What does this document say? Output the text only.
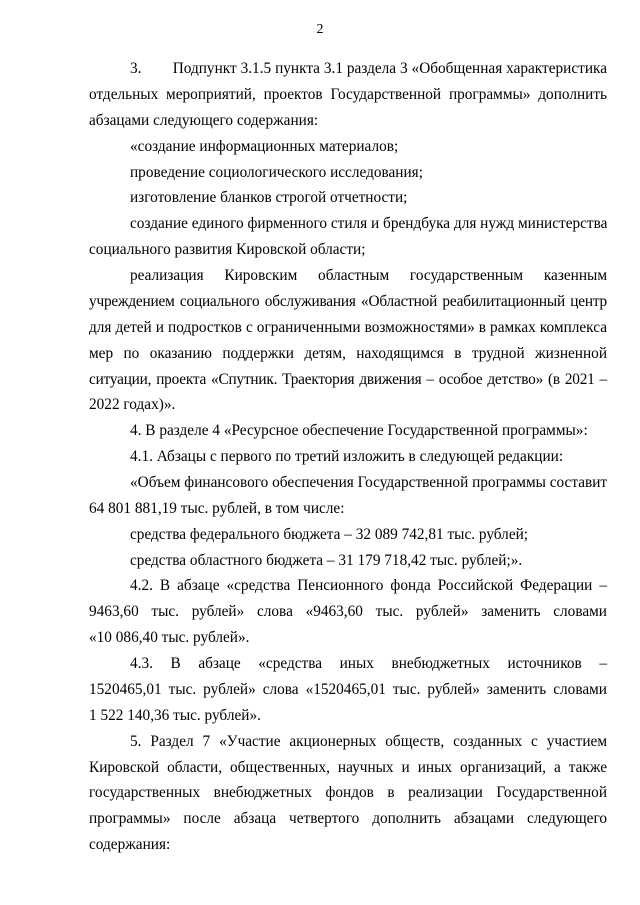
2
3.        Подпункт 3.1.5 пункта 3.1 раздела 3 «Обобщенная характеристика
отдельных мероприятий, проектов Государственной программы» дополнить
абзацами следующего содержания:
«создание информационных материалов;
проведение социологического исследования;
изготовление бланков строгой отчетности;
создание единого фирменного стиля и брендбука для нужд министерства
социального развития Кировской области;
реализация Кировским областным государственным казенным
учреждением социального обслуживания «Областной реабилитационный центр
для детей и подростков с ограниченными возможностями» в рамках комплекса
мер по оказанию поддержки детям, находящимся в трудной жизненной
ситуации, проекта «Спутник. Траектория движения – особое детство» (в 2021 –
2022 годах)».
4. В разделе 4 «Ресурсное обеспечение Государственной программы»:
4.1. Абзацы с первого по третий изложить в следующей редакции:
«Объем финансового обеспечения Государственной программы составит
64 801 881,19 тыс. рублей, в том числе:
средства федерального бюджета – 32 089 742,81 тыс. рублей;
средства областного бюджета – 31 179 718,42 тыс. рублей;».
4.2. В абзаце «средства Пенсионного фонда Российской Федерации –
9463,60 тыс. рублей» слова «9463,60 тыс. рублей» заменить словами
«10 086,40 тыс. рублей».
4.3. В абзаце «средства иных внебюджетных источников –
1520465,01 тыс. рублей» слова «1520465,01 тыс. рублей» заменить словами
1 522 140,36 тыс. рублей».
5. Раздел 7 «Участие акционерных обществ, созданных с участием
Кировской области, общественных, научных и иных организаций, а также
государственных внебюджетных фондов в реализации Государственной
программы» после абзаца четвертого дополнить абзацами следующего
содержания:
